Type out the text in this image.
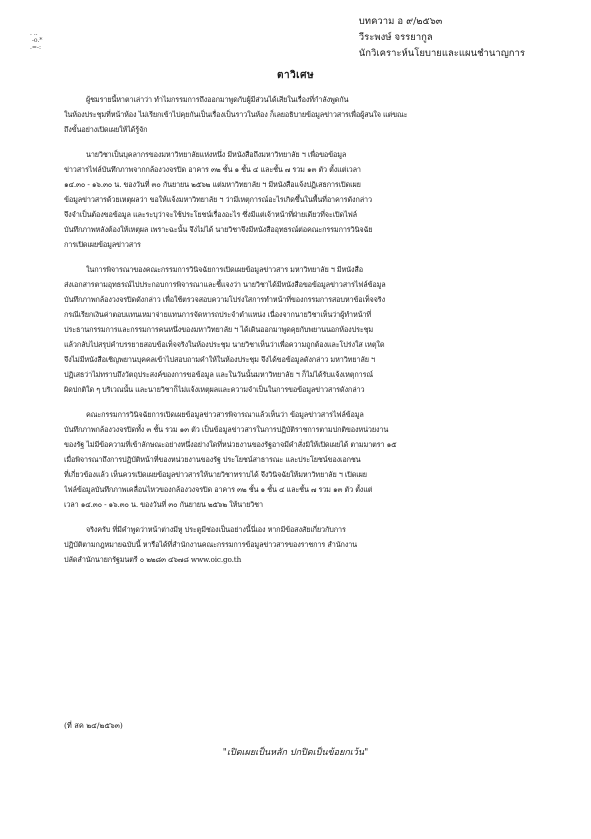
. ..
-o.*
.=-:
บทความ อ ๙/๒๕๖๓
วีระพงษ์ จรรยากูล
นักวิเคราะห์นโยบายและแผนชำนาญการ
ตาวิเศษ
ผู้ชมรายนี้หาตาเล่าว่า ทำไมกรรมการถึงออกมาพูดกับผู้มีส่วนได้เสียในเรื่องที่กำลังพูดกัน
ในห้องประชุมที่หน้าห้อง ไม่เรียกเข้าไปคุยกันเป็นเรื่องเป็นราวในห้อง ก็เลยอธิบายข้อมูลข่าวสารเพื่อผู้สนใจ แต่ขณะ
ถึงขั้นอย่างเปิดเผยให้ได้รู้จัก
นายวิชาเป็นบุคลากรของมหาวิทยาลัยแห่งหนึ่ง มีหนังสือถึงมหาวิทยาลัย ฯ เพื่อขอข้อมูล
ข่าวสารไฟล์บันทึกภาพจากกล้องวงจรปิด อาคาร ๓๒ ชั้น ๑ ชั้น ๔ และชั้น ๗ รวม ๑๓ ตัว ตั้งแต่เวลา
๑๔.๓๐ - ๑๖.๓๐ น. ของวันที่ ๓๐ กันยายน ๒๕๖๒ แต่มหาวิทยาลัย ฯ มีหนังสือแจ้งปฏิเสธการเปิดเผย
ข้อมูลข่าวสารด้วยเหตุผลว่า ขอให้แจ้งมหาวิทยาลัย ฯ ว่ามีเหตุการณ์อะไรเกิดขึ้นในพื้นที่อาคารดังกล่าว
จึงจำเป็นต้องขอข้อมูล และระบุว่าจะใช้ประโยชน์เรื่องอะไร ซึ่งมีแต่เจ้าหน้าที่ฝ่ายเดียวที่จะเปิดไฟล์
บันทึกภาพหลังต้องให้เหตุผล เพราะฉะนั้น จึงไม่ได้ นายวิชาจึงมีหนังสืออุทธรณ์ต่อคณะกรรมการวินิจฉัย
การเปิดเผยข้อมูลข่าวสาร
ในการพิจารณาของคณะกรรมการวินิจฉัยการเปิดเผยข้อมูลข่าวสาร มหาวิทยาลัย ฯ มีหนังสือ
ส่งเอกสารตามอุทธรณ์ไปประกอบการพิจารณาและชี้แจงว่า นายวิชาได้มีหนังสือขอข้อมูลข่าวสารไฟล์ข้อมูล
บันทึกภาพกล้องวงจรปิดดังกล่าว เพื่อใช้ตรวจสอบความโปร่งใสการทำหน้าที่ของกรรมการสอบหาข้อเท็จจริง
กรณีเรียกเงินค่าตอบแทนเหมาจ่ายแทนการจัดหารถประจำตำแหน่ง เนื่องจากนายวิชาเห็นว่าผู้ทำหน้าที่
ประธานกรรมการและกรรมการคนหนึ่งของมหาวิทยาลัย ฯ ได้เดินออกมาพูดคุยกับพยานนอกห้องประชุม
แล้วกลับไปสรุปคำบรรยายสอบข้อเท็จจริงในห้องประชุม นายวิชาเห็นว่าเพื่อความถูกต้องและโปร่งใส เหตุใด
จึงไม่มีหนังสือเชิญพยานบุคคลเข้าไปสอบถามคำให้ในห้องประชุม จึงได้ขอข้อมูลดังกล่าว มหาวิทยาลัย ฯ
ปฏิเสธว่าไม่ทราบถึงวัตถุประสงค์ของการขอข้อมูล และในวันนั้นมหาวิทยาลัย ฯ ก็ไม่ได้รับแจ้งเหตุการณ์
ผิดปกติใด ๆ บริเวณนั้น และนายวิชาก็ไม่แจ้งเหตุผลและความจำเป็นในการขอข้อมูลข่าวสารดังกล่าว
คณะกรรมการวินิจฉัยการเปิดเผยข้อมูลข่าวสารพิจารณาแล้วเห็นว่า ข้อมูลข่าวสารไฟล์ข้อมูล
บันทึกภาพกล้องวงจรปิดทั้ง ๓ ชั้น รวม ๑๓ ตัว เป็นข้อมูลข่าวสารในการปฏิบัติราชการตามปกติของหน่วยงาน
ของรัฐ ไม่มีข้อความที่เข้าลักษณะอย่างหนึ่งอย่างใดที่หน่วยงานของรัฐอาจมีคำสั่งมิให้เปิดเผยได้ ตามมาตรา ๑๕
เมื่อพิจารณาถึงการปฏิบัติหน้าที่ของหน่วยงานของรัฐ ประโยชน์สาธารณะ และประโยชน์ของเอกชน
ที่เกี่ยวข้องแล้ว เห็นควรเปิดเผยข้อมูลข่าวสารให้นายวิชาทราบได้ จึงวินิจฉัยให้มหาวิทยาลัย ฯ เปิดเผย
ไฟล์ข้อมูลบันทึกภาพเคลื่อนไหวของกล้องวงจรปิด อาคาร ๓๒ ชั้น ๑ ชั้น ๔ และชั้น ๗ รวม ๑๓ ตัว ตั้งแต่
เวลา ๑๔.๓๐ - ๑๖.๓๐ น. ของวันที่ ๓๐ กันยายน ๒๕๖๒ ให้นายวิชา
จริงครับ ที่มีคำพูดว่าหน้าต่างมีหู ประตูมีช่องเป็นอย่างนี้นี่เอง หากมีข้อสงสัยเกี่ยวกับการ
ปฏิบัติตามกฎหมายฉบับนี้ หารือได้ที่สำนักงานคณะกรรมการข้อมูลข่าวสารของราชการ สำนักงาน
ปลัดสำนักนายกรัฐมนตรี ๐ ๒๒๘๓ ๔๖๗๘ www.oic.go.th
(ที่ สค ๒๔/๒๕๖๓)
"เปิดเผยเป็นหลัก ปกปิดเป็นข้อยกเว้น"
